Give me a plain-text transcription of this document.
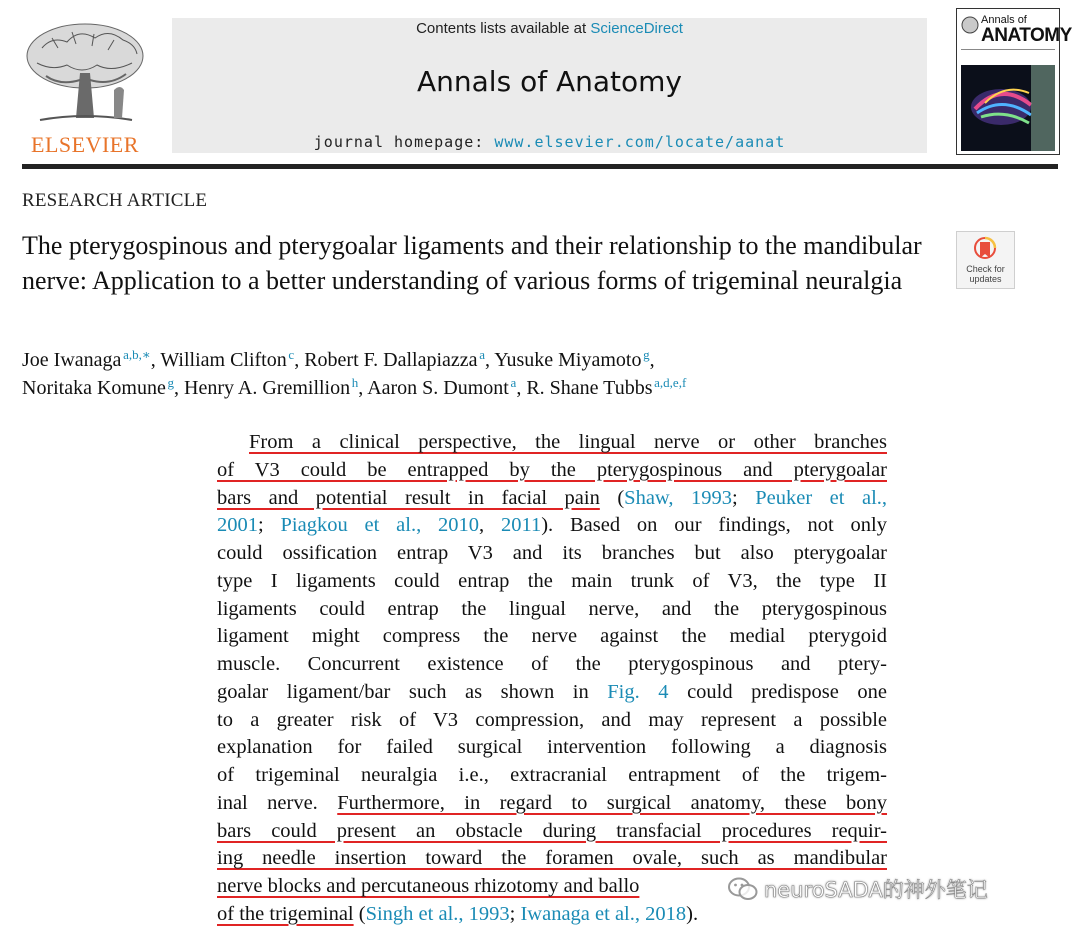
ELSEVIER
Contents lists available at ScienceDirect
Annals of Anatomy
journal homepage: www.elsevier.com/locate/aanat
Annals of
ANATOMY
RESEARCH ARTICLE
The pterygospinous and pterygoalar ligaments and their relationship to the mandibular nerve: Application to a better understanding of various forms of trigeminal neuralgia	Check for
updates
Joe Iwanaga  $^{a,b,∗}$, William Clifton  $^c$, Robert F. Dallapiazza  $^a$, Yusuke Miyamoto  $^g$,
Noritaka Komune  $^g$, Henry A. Gremillion  $^h$, Aaron S. Dumont  $^a$, R. Shane Tubbs  $^{a,d,e,f}$
From a clinical perspective, the lingual nerve or other branches
of V3 could be entrapped by the pterygospinous and pterygoalar
bars and potential result in facial pain (Shaw, 1993; Peuker et al.,
2001; Piagkou et al., 2010, 2011). Based on our findings, not only
could ossification entrap V3 and its branches but also pterygoalar
type I ligaments could entrap the main trunk of V3, the type II
ligaments could entrap the lingual nerve, and the pterygospinous
ligament might compress the nerve against the medial pterygoid
muscle. Concurrent existence of the pterygospinous and ptery-
goalar ligament/bar such as shown in Fig. 4 could predispose one
to a greater risk of V3 compression, and may represent a possible
explanation for failed surgical intervention following a diagnosis
of trigeminal neuralgia i.e., extracranial entrapment of the trigem-
inal nerve. Furthermore, in regard to surgical anatomy, these bony
bars could present an obstacle during transfacial procedures requir-
ing needle insertion toward the foramen ovale, such as mandibular
nerve blocks and percutaneous rhizotomy and ballo
of the trigeminal (Singh et al., 1993; Iwanaga et al., 2018).
neuroSADA的神外笔记
